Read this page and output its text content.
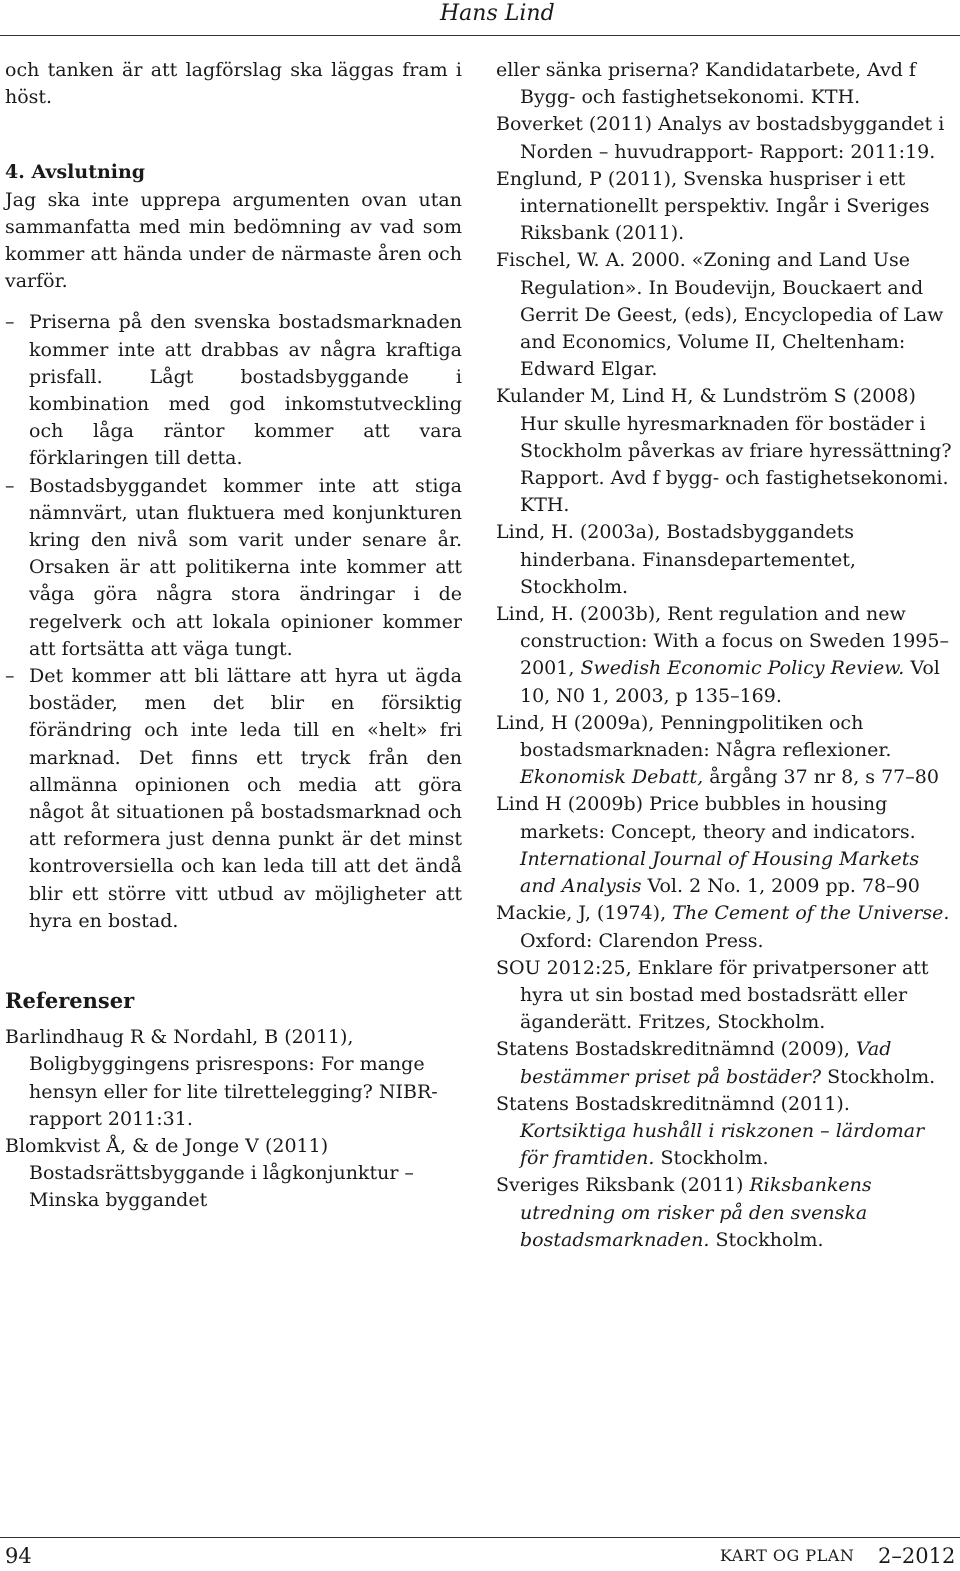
Hans Lind

och tanken är att lagförslag ska läggas fram i höst.

4. Avslutning

Jag ska inte upprepa argumenten ovan utan sammanfatta med min bedömning av vad som kommer att hända under de närmaste åren och varför.

– Priserna på den svenska bostadsmarknaden kommer inte att drabbas av några kraftiga prisfall. Lågt bostadsbyggande i kombination med god inkomstutveckling och låga räntor kommer att vara förklaringen till detta.
– Bostadsbyggandet kommer inte att stiga nämnvärt, utan fluktuera med konjunkturen kring den nivå som varit under senare år. Orsaken är att politikerna inte kommer att våga göra några stora ändringar i de regelverk och att lokala opinioner kommer att fortsätta att väga tungt.
– Det kommer att bli lättare att hyra ut ägda bostäder, men det blir en försiktig förändring och inte leda till en «helt» fri marknad. Det finns ett tryck från den allmänna opinionen och media att göra något åt situationen på bostadsmarknad och att reformera just denna punkt är det minst kontroversiella och kan leda till att det ändå blir ett större vitt utbud av möjligheter att hyra en bostad.

Referenser

Barlindhaug R & Nordahl, B (2011), Boligbyggingens prisrespons: For mange hensyn eller for lite tilrettelegging? NIBR-rapport 2011:31.

Blomkvist Å, & de Jonge V (2011) Bostadsrättsbyggande i lågkonjunktur – Minska byggandet

eller sänka priserna? Kandidatarbete, Avd f Bygg- och fastighetsekonomi. KTH.

Boverket (2011) Analys av bostadsbyggandet i Norden – huvudrapport- Rapport: 2011:19.

Englund, P (2011), Svenska huspriser i ett internationellt perspektiv. Ingår i Sveriges Riksbank (2011).

Fischel, W. A. 2000. «Zoning and Land Use Regulation». In Boudevijn, Bouckaert and Gerrit De Geest, (eds), Encyclopedia of Law and Economics, Volume II, Cheltenham: Edward Elgar.

Kulander M, Lind H, & Lundström S (2008) Hur skulle hyresmarknaden för bostäder i Stockholm påverkas av friare hyressättning? Rapport. Avd f bygg- och fastighetsekonomi. KTH.

Lind, H. (2003a), Bostadsbyggandets hinderbana. Finansdepartementet, Stockholm.

Lind, H. (2003b), Rent regulation and new construction: With a focus on Sweden 1995–2001, Swedish Economic Policy Review. Vol 10, N0 1, 2003, p 135–169.

Lind, H (2009a), Penningpolitiken och bostadsmarknaden: Några reflexioner. Ekonomisk Debatt, årgång 37 nr 8, s 77–80

Lind H (2009b) Price bubbles in housing markets: Concept, theory and indicators. International Journal of Housing Markets and Analysis Vol. 2 No. 1, 2009 pp. 78–90

Mackie, J, (1974), The Cement of the Universe. Oxford: Clarendon Press.

SOU 2012:25, Enklare för privatpersoner att hyra ut sin bostad med bostadsrätt eller äganderätt. Fritzes, Stockholm.

Statens Bostadskreditnämnd (2009), Vad bestämmer priset på bostäder? Stockholm.

Statens Bostadskreditnämnd (2011). Kortsiktiga hushåll i riskzonen – lärdomar för framtiden. Stockholm.

Sveriges Riksbank (2011) Riksbankens utredning om risker på den svenska bostadsmarknaden. Stockholm.

94	KART OG PLAN 2–2012
